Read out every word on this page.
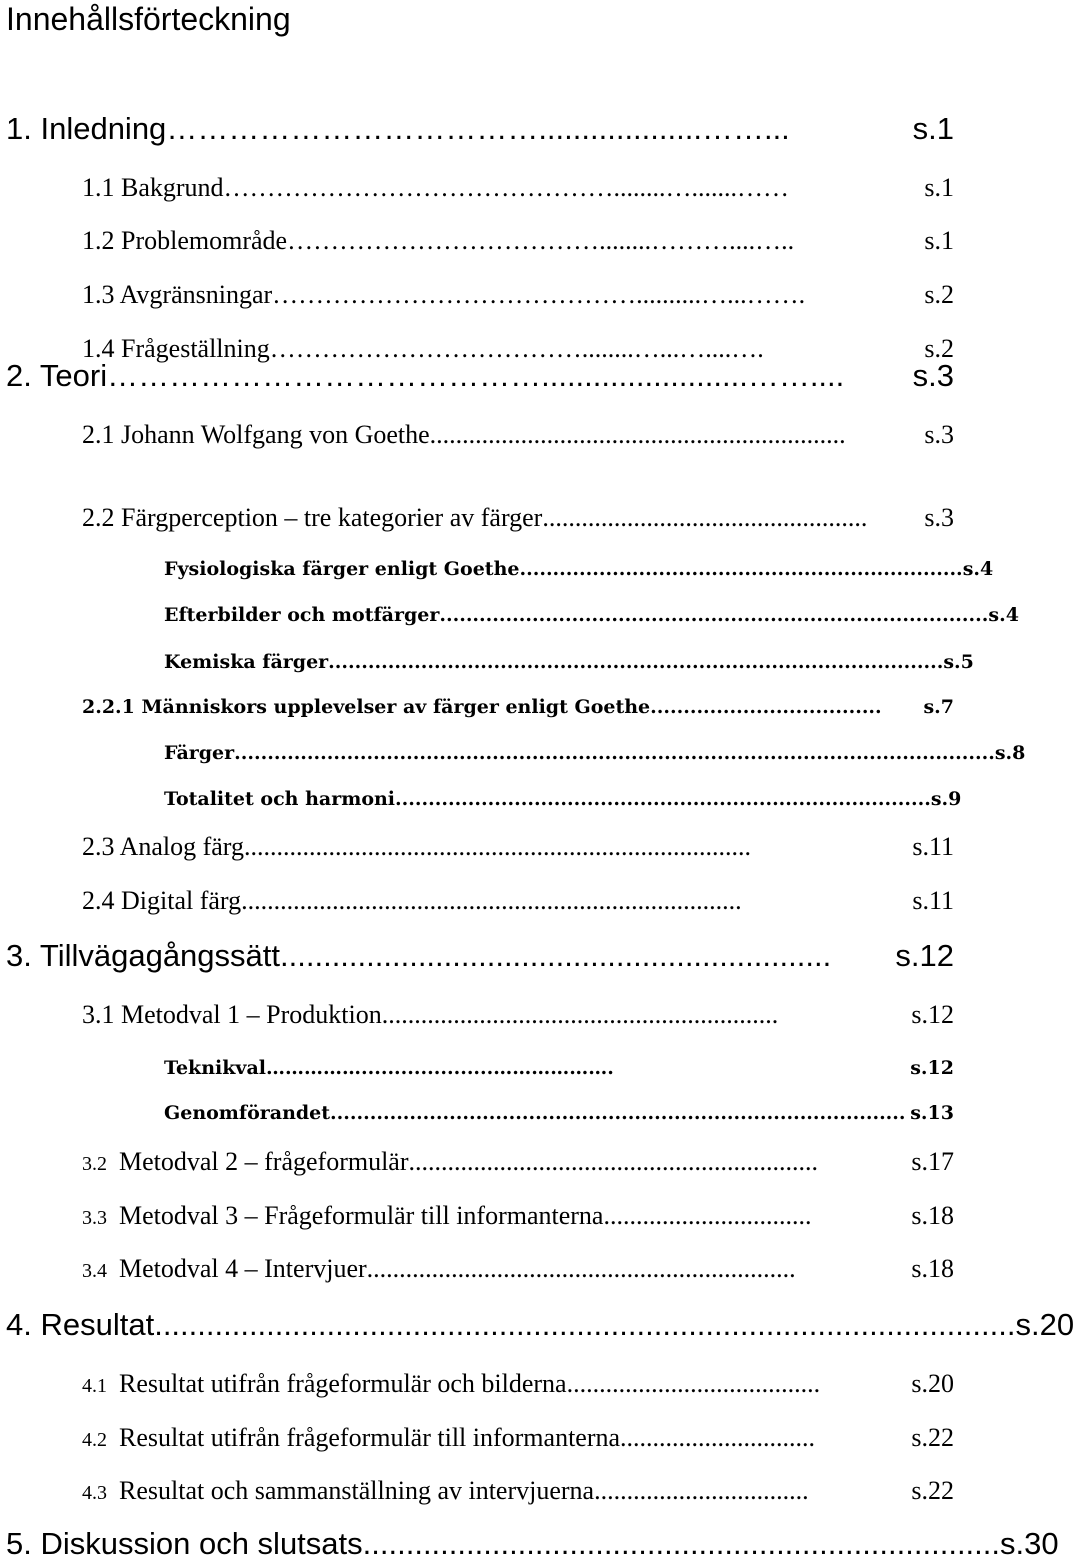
Innehållsförteckning
1. Inledning ………………………………...................……...	s.1
1.1 Bakgrund ………………………………………........….......……	s.1
1.2 Problemområde ………………………………........………....…..	s.1
1.3 Avgränsningar ……………………………………..........…...…….	s.2
1.4 Frågeställning ………………………………........…...…....….	s.2
2. Teori ……………………………………........................……....	s.3
2.1 Johann Wolfgang von Goethe ................................................................	s.3
2.2 Färgperception – tre kategorier av färger ..................................................	s.3
Fysiologiska färger enligt Goethe ................................................................... s.4
Efterbilder och motfärger ................................................................................... s.4
Kemiska färger ............................................................................................. s.5
2.2.1 Människors upplevelser av färger enligt Goethe ...................................	s.7
Färger ................................................................................................................... s.8
Totalitet och harmoni ................................................................................. s.9
2.3 Analog färg ..............................................................................	s.11
2.4 Digital färg .............................................................................	s.11
3. Tillvägagångssätt ................................................................	s.12
3.1 Metodval 1 – Produktion .............................................................	s.12
Teknikval ……………....................……………….	s.12
Genomförandet ....................................................................................... s.13
3.2 Metodval 2 – frågeformulär ...............................................................	s.17
3.3 Metodval 3 – Frågeformulär till informanterna ................................	s.18
3.4 Metodval 4 – Intervjuer ..................................................................	s.18
4. Resultat .................................................................................................... s.20
4.1 Resultat utifrån frågeformulär och bilderna .......................................	s.20
4.2 Resultat utifrån frågeformulär till informanterna ..............................	s.22
4.3 Resultat och sammanställning av intervjuerna .................................	s.22
5. Diskussion och slutsats .......................................................................... s.30
